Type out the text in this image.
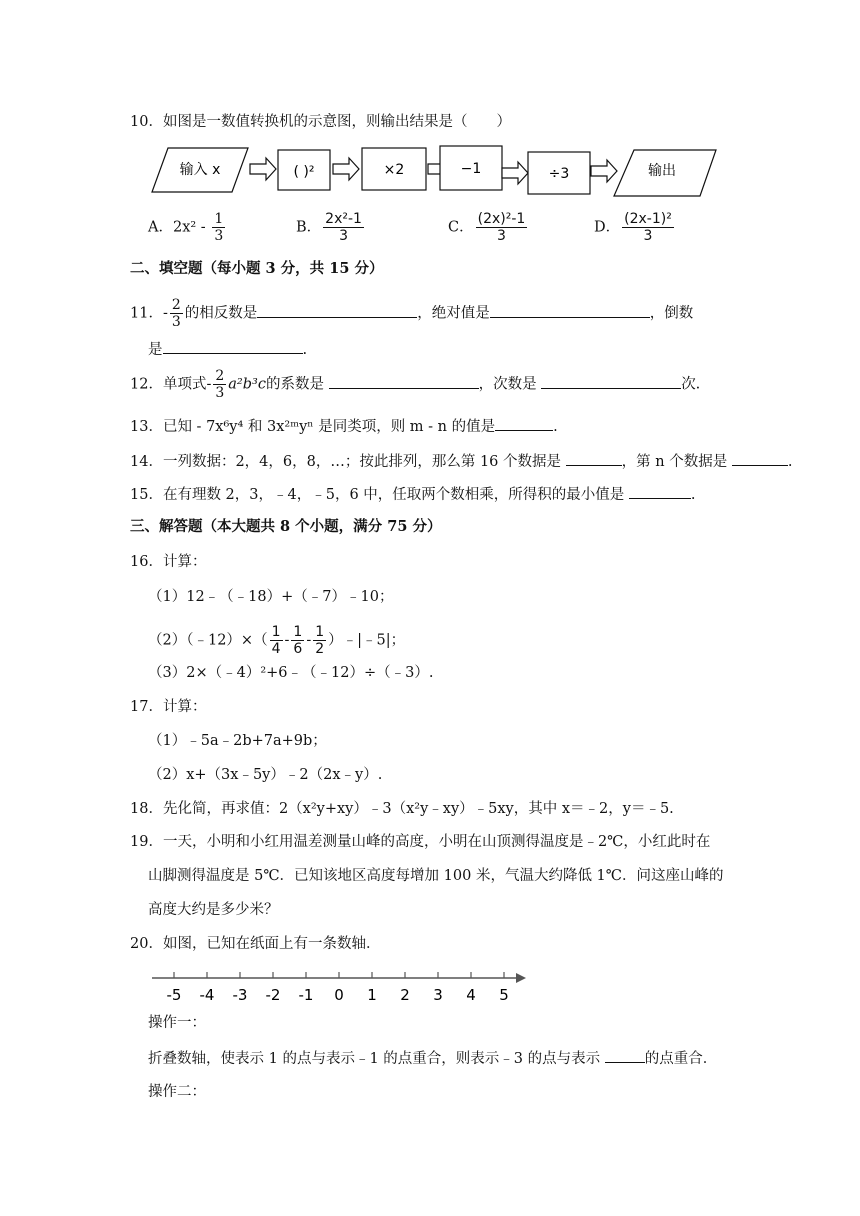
10．如图是一数值转换机的示意图，则输出结果是（　　）
输入 x	( )²	×2	−1	÷3	输出
A．$2x^2 - \frac{1}{3}$	B． $\frac{\text{2x²-1}}{3}$	C． $\frac{\text{(2x)²-1}}{3}$	D． $\frac{\text{(2x-1)²}}{3}$
二、填空题（每小题 3 分，共 15 分）
11．- $\frac{2}{3}$ 的相反数是	，绝对值是	，倒数
是	.
12．单项式- $\frac{2}{3} a^2b^3c$的系数是	，次数是	次.
13．已知 - 7x⁶y⁴ 和 3x²ᵐyⁿ 是同类项，则 m - n 的值是	.
14．一列数据：2，4，6，8，…；按此排列，那么第 16 个数据是	，第 n 个数据是	.
15．在有理数 2，3，﹣4，﹣5，6 中，任取两个数相乘，所得积的最小值是	.
三、解答题（本大题共 8 个小题，满分 75 分）
16．计算：
（1）12﹣（﹣18）+（﹣7）﹣10；
（2）（﹣12）×（ $\frac{1}{4} - \frac{1}{6} - \frac{1}{2}$ ）﹣|﹣5|；
（3）2×（﹣4）²+6﹣（﹣12）÷（﹣3）.
17．计算：
（1）﹣5a﹣2b+7a+9b；
（2）x+（3x﹣5y）﹣2（2x﹣y）.
18．先化简，再求值：2（x²y+xy）﹣3（x²y﹣xy）﹣5xy，其中 x＝﹣2，y＝﹣5.
19．一天，小明和小红用温差测量山峰的高度，小明在山顶测得温度是﹣2℃，小红此时在
山脚测得温度是 5℃．已知该地区高度每增加 100 米，气温大约降低 1℃．问这座山峰的
高度大约是多少米？
20．如图，已知在纸面上有一条数轴．
-5 -4 -3 -2 -1 0 1 2 3 4 5
操作一：
折叠数轴，使表示 1 的点与表示﹣1 的点重合，则表示﹣3 的点与表示	的点重合．
操作二：
